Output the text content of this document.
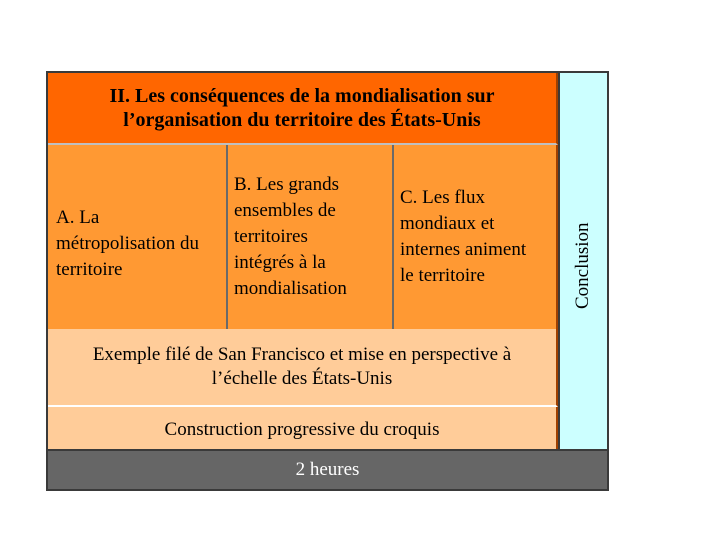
II. Les conséquences de la mondialisation sur
l’organisation du territoire des États-Unis
A. La
métropolisation du
territoire
B. Les grands
ensembles de
territoires
intégrés à la
mondialisation
C. Les flux
mondiaux et
internes animent
le territoire
Exemple filé de San Francisco et mise en perspective à
l’échelle des États-Unis
Construction progressive du croquis
Conclusion
2 heures
